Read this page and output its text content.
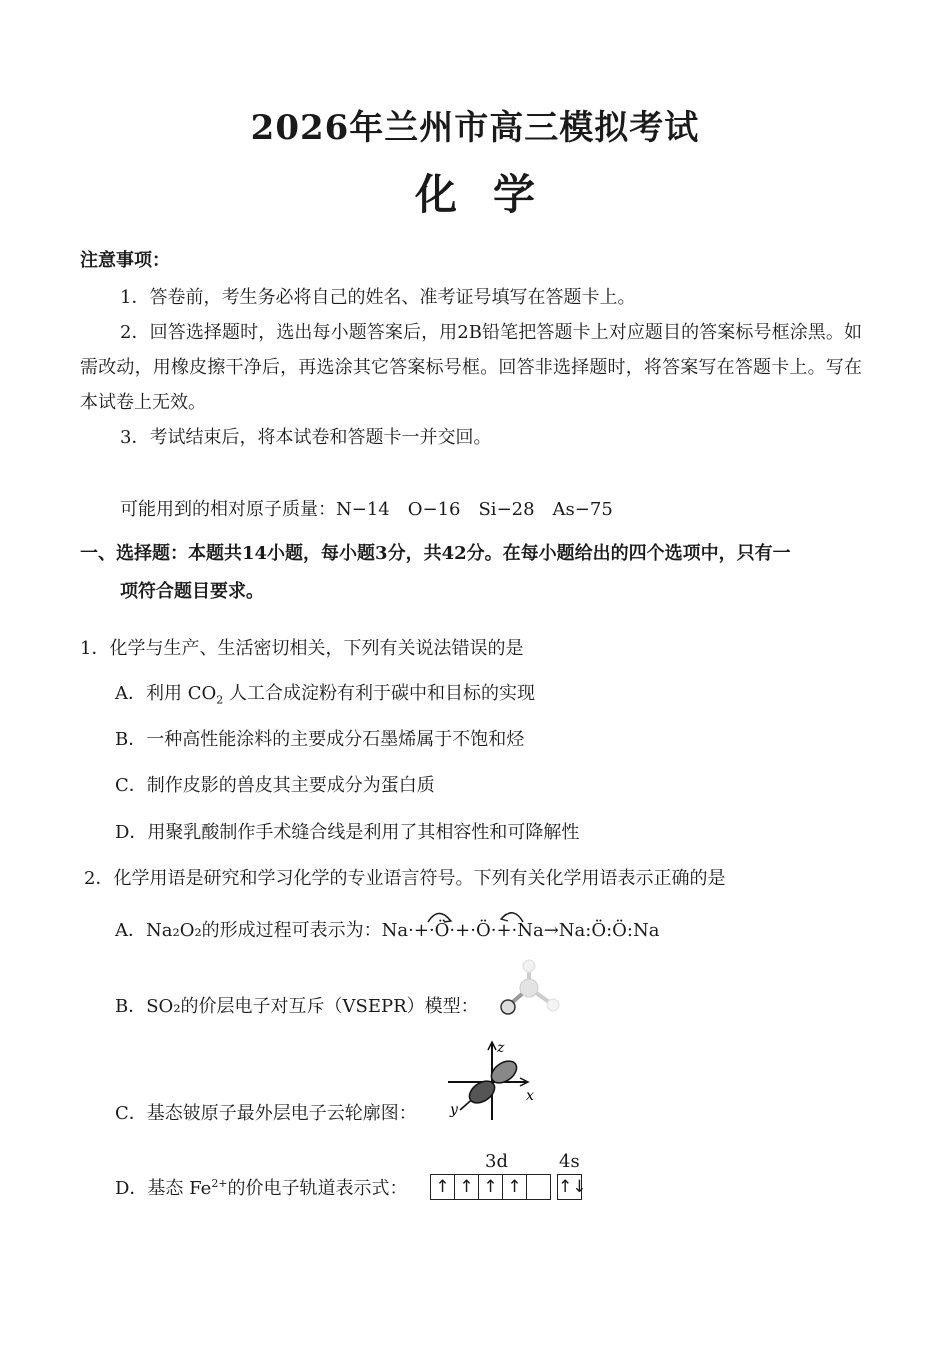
2026年兰州市高三模拟考试
化学
注意事项：
1．答卷前，考生务必将自己的姓名、准考证号填写在答题卡上。
2．回答选择题时，选出每小题答案后，用2B铅笔把答题卡上对应题目的答案标号框涂黑。如需改动，用橡皮擦干净后，再选涂其它答案标号框。回答非选择题时，将答案写在答题卡上。写在本试卷上无效。
3．考试结束后，将本试卷和答题卡一并交回。
可能用到的相对原子质量：N−14　O−16　Si−28　As−75
一、选择题：本题共14小题，每小题3分，共42分。在每小题给出的四个选项中，只有一
项符合题目要求。
1．化学与生产、生活密切相关，下列有关说法错误的是
A．利用 $CO_2$ 人工合成淀粉有利于碳中和目标的实现
B．一种高性能涂料的主要成分石墨烯属于不饱和烃
C．制作皮影的兽皮其主要成分为蛋白质
D．用聚乳酸制作手术缝合线是利用了其相容性和可降解性
2．化学用语是研究和学习化学的专业语言符号。下列有关化学用语表示正确的是
A．Na₂O₂的形成过程可表示为：Na·+·Ö·+·Ö·+·Na→Na:Ö:Ö:Na
B．SO₂的价层电子对互斥（VSEPR）模型：
C．基态铍原子最外层电子云轮廓图：
z
x
y
D．基态 $Fe^{2+}$的价电子轨道表示式：
3d	4s
↑ ↑ ↑ ↑	↑↓
